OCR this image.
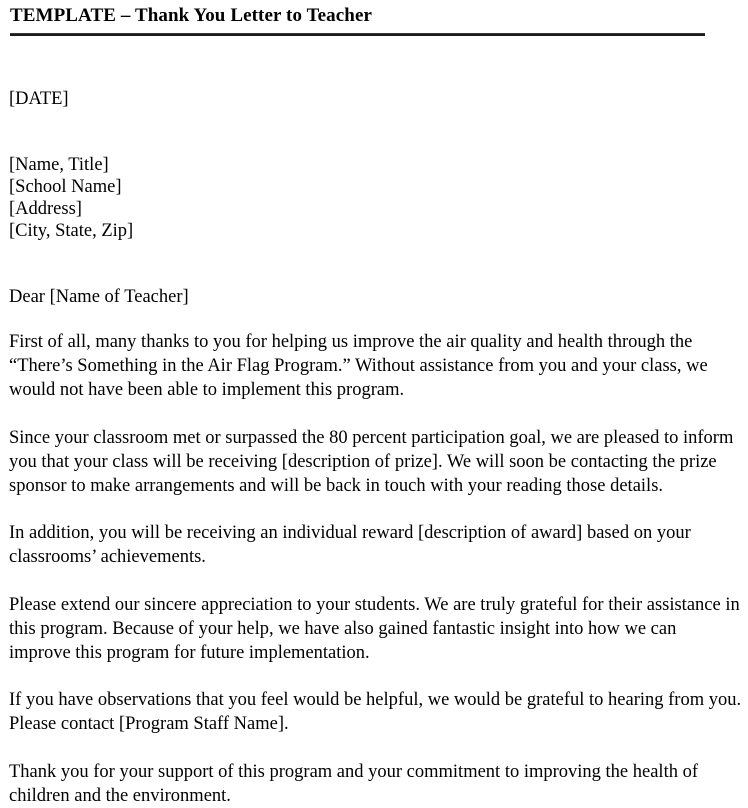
TEMPLATE – Thank You Letter to Teacher
[DATE]
[Name, Title]
[School Name]
[Address]
[City, State, Zip]
Dear [Name of Teacher]

First of all, many thanks to you for helping us improve the air quality and health through the “There’s Something in the Air Flag Program.” Without assistance from you and your class, we would not have been able to implement this program.

Since your classroom met or surpassed the 80 percent participation goal, we are pleased to inform you that your class will be receiving [description of prize]. We will soon be contacting the prize sponsor to make arrangements and will be back in touch with your reading those details.

In addition, you will be receiving an individual reward [description of award] based on your classrooms’ achievements.

Please extend our sincere appreciation to your students. We are truly grateful for their assistance in this program. Because of your help, we have also gained fantastic insight into how we can improve this program for future implementation.

If you have observations that you feel would be helpful, we would be grateful to hearing from you. Please contact [Program Staff Name].

Thank you for your support of this program and your commitment to improving the health of children and the environment.
